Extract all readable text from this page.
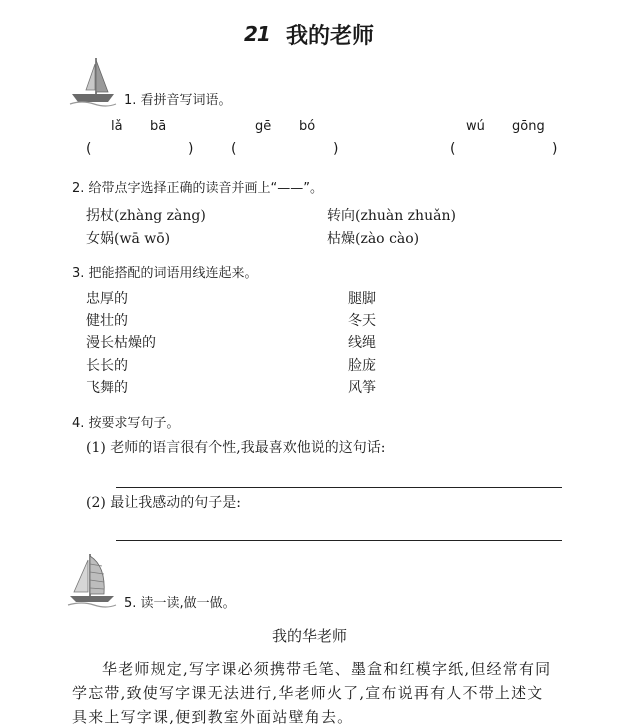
21 我的老师
1. 看拼音写词语。
lǎ bā	gē bó	wú gōng
(	)	(	)	(	)
2. 给带点字选择正确的读音并画上“——”。
拐杖(zhàng zàng)	转向(zhuàn zhuǎn)
女娲(wā wō)	枯燥(zào cào)
3. 把能搭配的词语用线连起来。
忠厚的
健壮的
漫长枯燥的
长长的
飞舞的
腿脚
冬天
线绳
脸庞
风筝
4. 按要求写句子。
(1) 老师的语言很有个性,我最喜欢他说的这句话:
(2) 最让我感动的句子是:
5. 读一读,做一做。
我的华老师
华老师规定,写字课必须携带毛笔、墨盒和红模字纸,但经常有同
学忘带,致使写字课无法进行,华老师火了,宣布说再有人不带上述文
具来上写字课,便到教室外面站壁角去。
